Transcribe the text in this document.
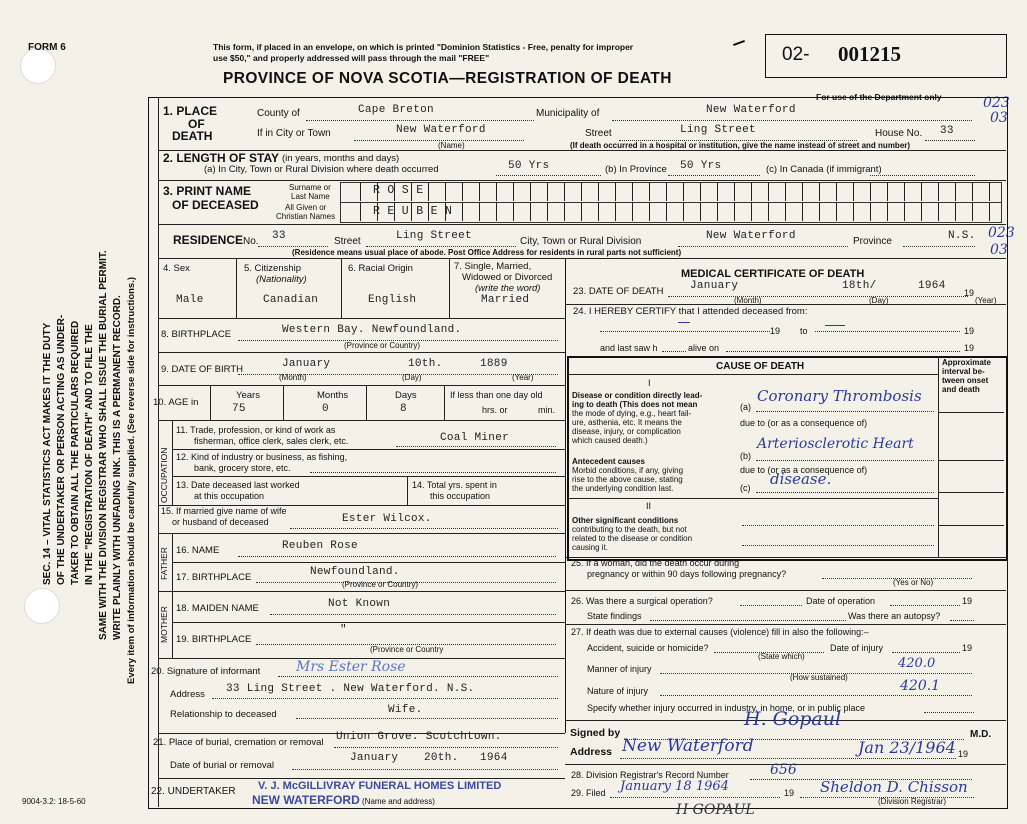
FORM 6	This form, if placed in an envelope, on which is printed "Dominion Statistics - Free, penalty for improper
use $50," and properly addressed will pass through the mail "FREE"
PROVINCE OF NOVA SCOTIA—REGISTRATION OF DEATH
02- 001215
For use of the Department only	023
03
023
03
SEC. 14 – VITAL STATISTICS ACT MAKES IT THE DUTY OF THE UNDERTAKER OR PERSON ACTING AS UNDER- TAKER TO OBTAIN ALL THE PARTICULARS REQUIRED IN THE "REGISTRATION OF DEATH" AND TO FILE THE SAME WITH THE DIVISION REGISTRAR WHO SHALL ISSUE THE BURIAL PERMIT. WRITE PLAINLY WITH UNFADING INK. THIS IS A PERMANENT RECORD. Every item of information should be carefully supplied. (See reverse side for instructions.)
9004-3.2: 18-5-60
1. PLACE
OF
DEATH
County of	Cape Breton	Municipality of	New Waterford
If in City or Town	New Waterford
(Name)
Street	Ling Street	House No. 33
(If death occurred in a hospital or institution, give the name instead of street and number)
2. LENGTH OF STAY (in years, months and days)
(a) In City, Town or Rural Division where death occurred	50 Yrs	(b) In Province 50 Yrs	(c) In Canada (if immigrant)
3. PRINT NAME
OF DECEASED
Surname or
Last Name
All Given or
Christian Names
ROSE
REUBEN
RESIDENCE No. 33	Street	Ling Street	City, Town or Rural Division	New Waterford	Province	N.S.
(Residence means usual place of abode. Post Office Address for residents in rural parts not sufficient)
4. Sex
Male
5. Citizenship
(Nationality)
Canadian
6. Racial Origin
English
7. Single, Married,
Widowed or Divorced
(write the word)
Married
8. BIRTHPLACE	Western Bay. Newfoundland.
(Province or Country)
9. DATE OF BIRTH	January	10th.	1889
(Month)	(Day)	(Year)
10. AGE in
Years
75
Months
0
Days
8
If less than one day old
hrs. or	min.
OCCUPATION
11. Trade, profession, or kind of work as
fisherman, office clerk, sales clerk, etc.	Coal Miner
12. Kind of industry or business, as fishing,
bank, grocery store, etc.
13. Date deceased last worked
at this occupation
14. Total yrs. spent in
this occupation
15. If married give name of wife
or husband of deceased	Ester Wilcox.
FATHER 16. NAME	Reuben Rose
17. BIRTHPLACE	Newfoundland.
(Province or Country)
MOTHER 18. MAIDEN NAME	Not Known
19. BIRTHPLACE
"
(Province or Country
20. Signature of informant	Mrs Ester Rose
Address 33 Ling Street . New Waterford. N.S.
Relationship to deceased	Wife.
21. Place of burial, cremation or removal Union Grove. Scotchtown.
Date of burial or removal
January 20th. 1964
22. UNDERTAKER V. J. McGILLIVRAY FUNERAL HOMES LIMITED
NEW WATERFORD (Name and address)
MEDICAL CERTIFICATE OF DEATH
23. DATE OF DEATH January	18th/	1964
19
(Month)	(Day)	(Year)
24. I HEREBY CERTIFY that I attended deceased from:
19 to	19
and last saw h	alive on	19
CAUSE OF DEATH	Approximate
interval be-
tween onset
and death
I
Disease or condition directly lead-
ing to death (This does not mean
the mode of dying, e.g., heart fail-
ure, asthenia, etc. It means the
disease, injury, or complication
which caused death.)
(a)
Coronary Thrombosis
due to (or as a consequence of)
(b)
Arteriosclerotic Heart
due to (or as a consequence of)
(c) disease.
Antecedent causes
Morbid conditions, if any, giving
rise to the above cause, stating
the underlying condition last.
II
Other significant conditions
contributing to the death, but not
related to the disease or condition
causing it.
25. If a woman, did the death occur during
pregnancy or within 90 days following pregnancy?
(Yes or No)
26. Was there a surgical operation?	Date of operation	19
State findings	Was there an autopsy?
27. If death was due to external causes (violence) fill in also the following:–
Accident, suicide or homicide?
(State which)
Date of injury	19
Manner of injury	420.0
(How sustained)
Nature of injury	420.1
Specify whether injury occurred in industry, in home, or in public place
Signed by
H. Gopaul
M.D.
Address New Waterford	Jan 23/1964 19
28. Division Registrar's Record Number	656
29. Filed January 18 1964	19 Sheldon D. Chisson
(Division Registrar)
H GOPAUL
